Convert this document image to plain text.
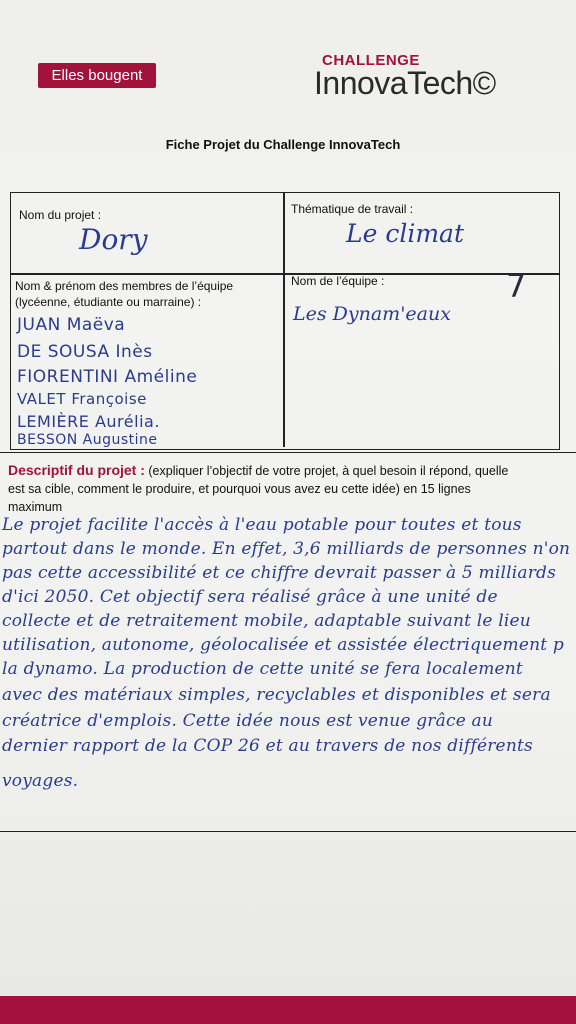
Elles bougent
CHALLENGE
InnovaTech©
Fiche Projet du Challenge InnovaTech
Nom du projet :
Dory
Thématique de travail :
Le climat
Nom & prénom des membres de l’équipe
(lycéenne, étudiante ou marraine) :
JUAN Maëva
DE SOUSA Inès
FIORENTINI Améline
VALET Françoise
LEMIÈRE Aurélia.
BESSON Augustine
Nom de l’équipe :
Les Dynam'eaux
7
Descriptif du projet : (expliquer l’objectif de votre projet, à quel besoin il répond, quelle
est sa cible, comment le produire, et pourquoi vous avez eu cette idée) en 15 lignes
maximum
Le projet facilite l'accès à l'eau potable pour toutes et tous
partout dans le monde. En effet, 3,6 milliards de personnes n'on
pas cette accessibilité et ce chiffre devrait passer à 5 milliards
d'ici 2050. Cet objectif sera réalisé grâce à une unité de
collecte et de retraitement mobile, adaptable suivant le lieu
utilisation, autonome, géolocalisée et assistée électriquement p
la dynamo. La production de cette unité se fera localement
avec des matériaux simples, recyclables et disponibles et sera
créatrice d'emplois. Cette idée nous est venue grâce au
dernier rapport de la COP 26 et au travers de nos différents
voyages.
